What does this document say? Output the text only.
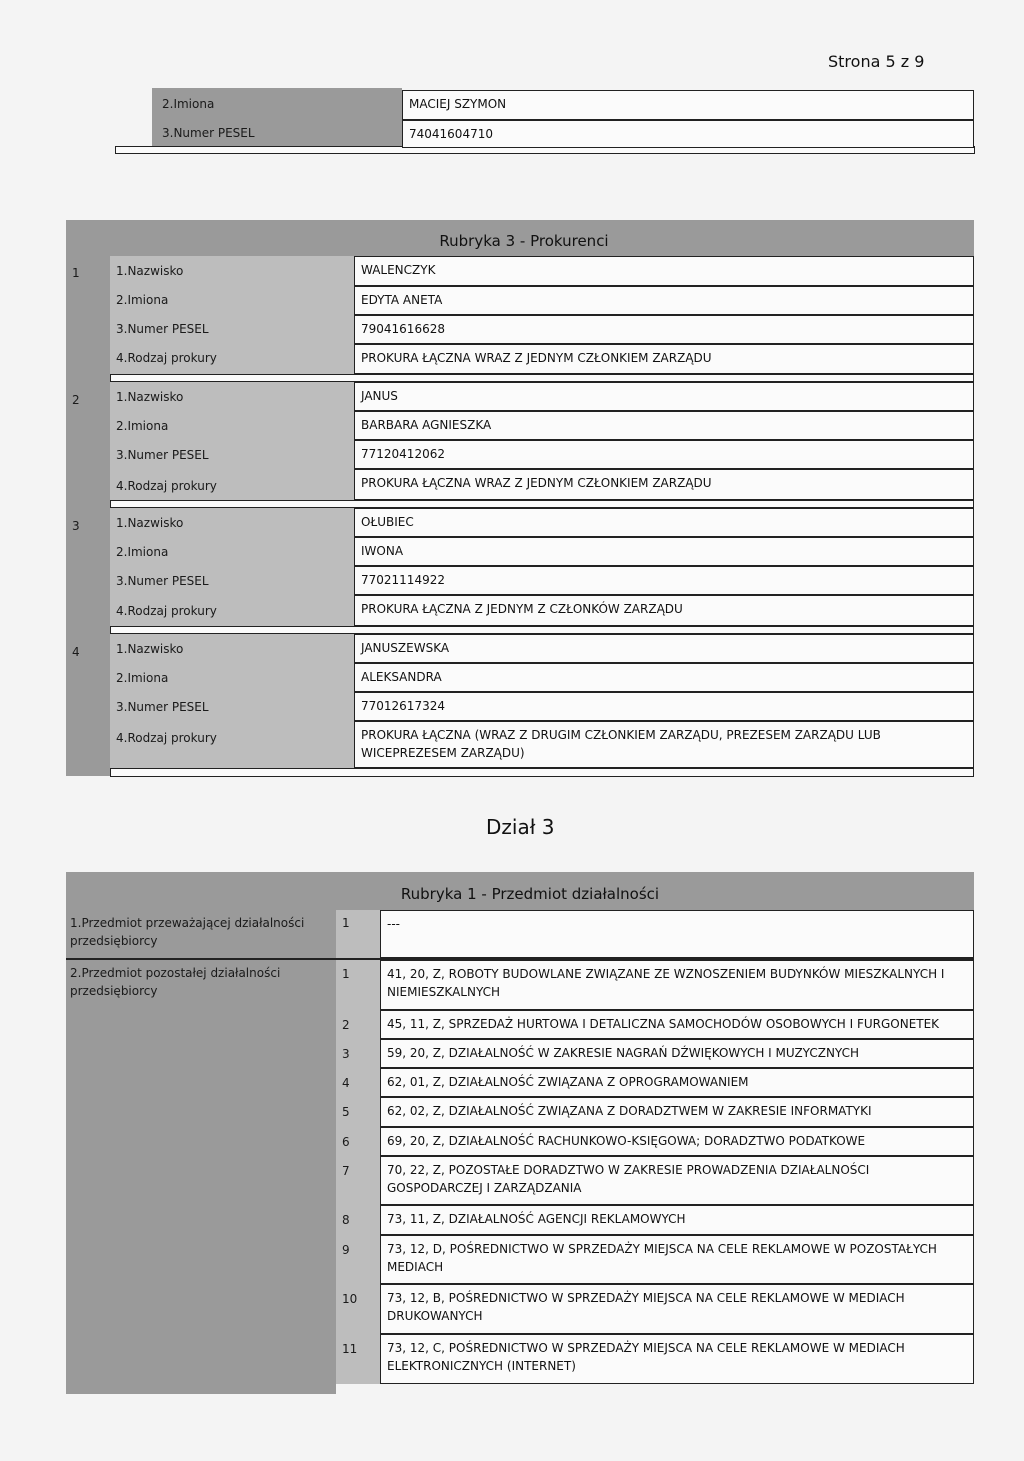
Strona 5 z 9
2.Imiona	MACIEJ SZYMON
3.Numer PESEL	74041604710
Rubryka 3 - Prokurenci
1	1.Nazwisko	WALENCZYK
2.Imiona	EDYTA ANETA
3.Numer PESEL	79041616628
4.Rodzaj prokury	PROKURA ŁĄCZNA WRAZ Z JEDNYM CZŁONKIEM ZARZĄDU
2	1.Nazwisko	JANUS
2.Imiona	BARBARA AGNIESZKA
3.Numer PESEL	77120412062
4.Rodzaj prokury	PROKURA ŁĄCZNA WRAZ Z JEDNYM CZŁONKIEM ZARZĄDU
3	1.Nazwisko	OŁUBIEC
2.Imiona	IWONA
3.Numer PESEL	77021114922
4.Rodzaj prokury	PROKURA ŁĄCZNA Z JEDNYM Z CZŁONKÓW ZARZĄDU
4	1.Nazwisko	JANUSZEWSKA
2.Imiona	ALEKSANDRA
3.Numer PESEL	77012617324
4.Rodzaj prokury	PROKURA ŁĄCZNA (WRAZ Z DRUGIM CZŁONKIEM ZARZĄDU, PREZESEM ZARZĄDU LUB WICEPREZESEM ZARZĄDU)
Dział 3
Rubryka 1 - Przedmiot działalności
1.Przedmiot przeważającej działalności przedsiębiorcy
1	---
2.Przedmiot pozostałej działalności przedsiębiorcy
1	41, 20, Z, ROBOTY BUDOWLANE ZWIĄZANE ZE WZNOSZENIEM BUDYNKÓW MIESZKALNYCH I NIEMIESZKALNYCH
2	45, 11, Z, SPRZEDAŻ HURTOWA I DETALICZNA SAMOCHODÓW OSOBOWYCH I FURGONETEK
3	59, 20, Z, DZIAŁALNOŚĆ W ZAKRESIE NAGRAŃ DŹWIĘKOWYCH I MUZYCZNYCH
4	62, 01, Z, DZIAŁALNOŚĆ ZWIĄZANA Z OPROGRAMOWANIEM
5	62, 02, Z, DZIAŁALNOŚĆ ZWIĄZANA Z DORADZTWEM W ZAKRESIE INFORMATYKI
6	69, 20, Z, DZIAŁALNOŚĆ RACHUNKOWO-KSIĘGOWA; DORADZTWO PODATKOWE
7	70, 22, Z, POZOSTAŁE DORADZTWO W ZAKRESIE PROWADZENIA DZIAŁALNOŚCI GOSPODARCZEJ I ZARZĄDZANIA
8	73, 11, Z, DZIAŁALNOŚĆ AGENCJI REKLAMOWYCH
9	73, 12, D, POŚREDNICTWO W SPRZEDAŻY MIEJSCA NA CELE REKLAMOWE W POZOSTAŁYCH MEDIACH
10	73, 12, B, POŚREDNICTWO W SPRZEDAŻY MIEJSCA NA CELE REKLAMOWE W MEDIACH DRUKOWANYCH
11	73, 12, C, POŚREDNICTWO W SPRZEDAŻY MIEJSCA NA CELE REKLAMOWE W MEDIACH ELEKTRONICZNYCH (INTERNET)
